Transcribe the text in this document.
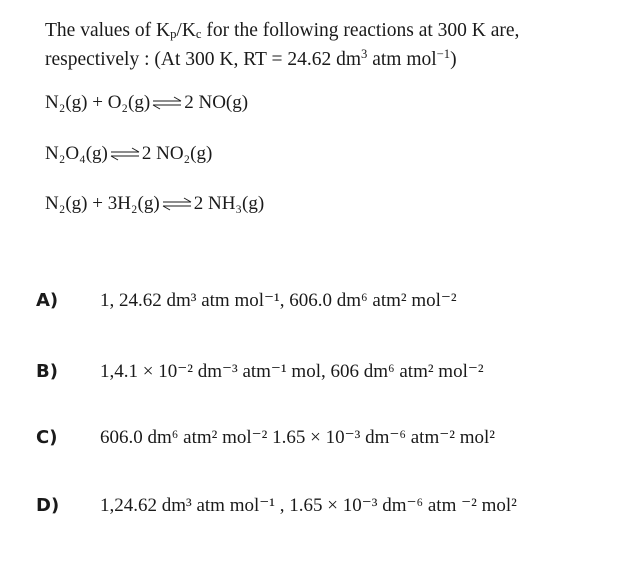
The values of $K_p/K_c$ for the following reactions at 300 K are,
respectively : (At 300 K, RT = 24.62 $dm^3$ atm mol$^{-1}$)
N₂(g) + O₂(g) ⇌ 2 NO(g)
N₂O₄(g) ⇌ 2 NO₂(g)
N₂(g) + 3H₂(g) ⇌ 2 NH₃(g)
A) 1, 24.62 dm³ atm mol⁻¹, 606.0 dm⁶ atm² mol⁻²
B) 1,4.1 × 10⁻² dm⁻³ atm⁻¹ mol, 606 dm⁶ atm² mol⁻²
C) 606.0 dm⁶ atm² mol⁻² 1.65 × 10⁻³ dm⁻⁶ atm⁻² mol²
D) 1,24.62 dm³ atm mol⁻¹ , 1.65 × 10⁻³ dm⁻⁶ atm ⁻² mol²
